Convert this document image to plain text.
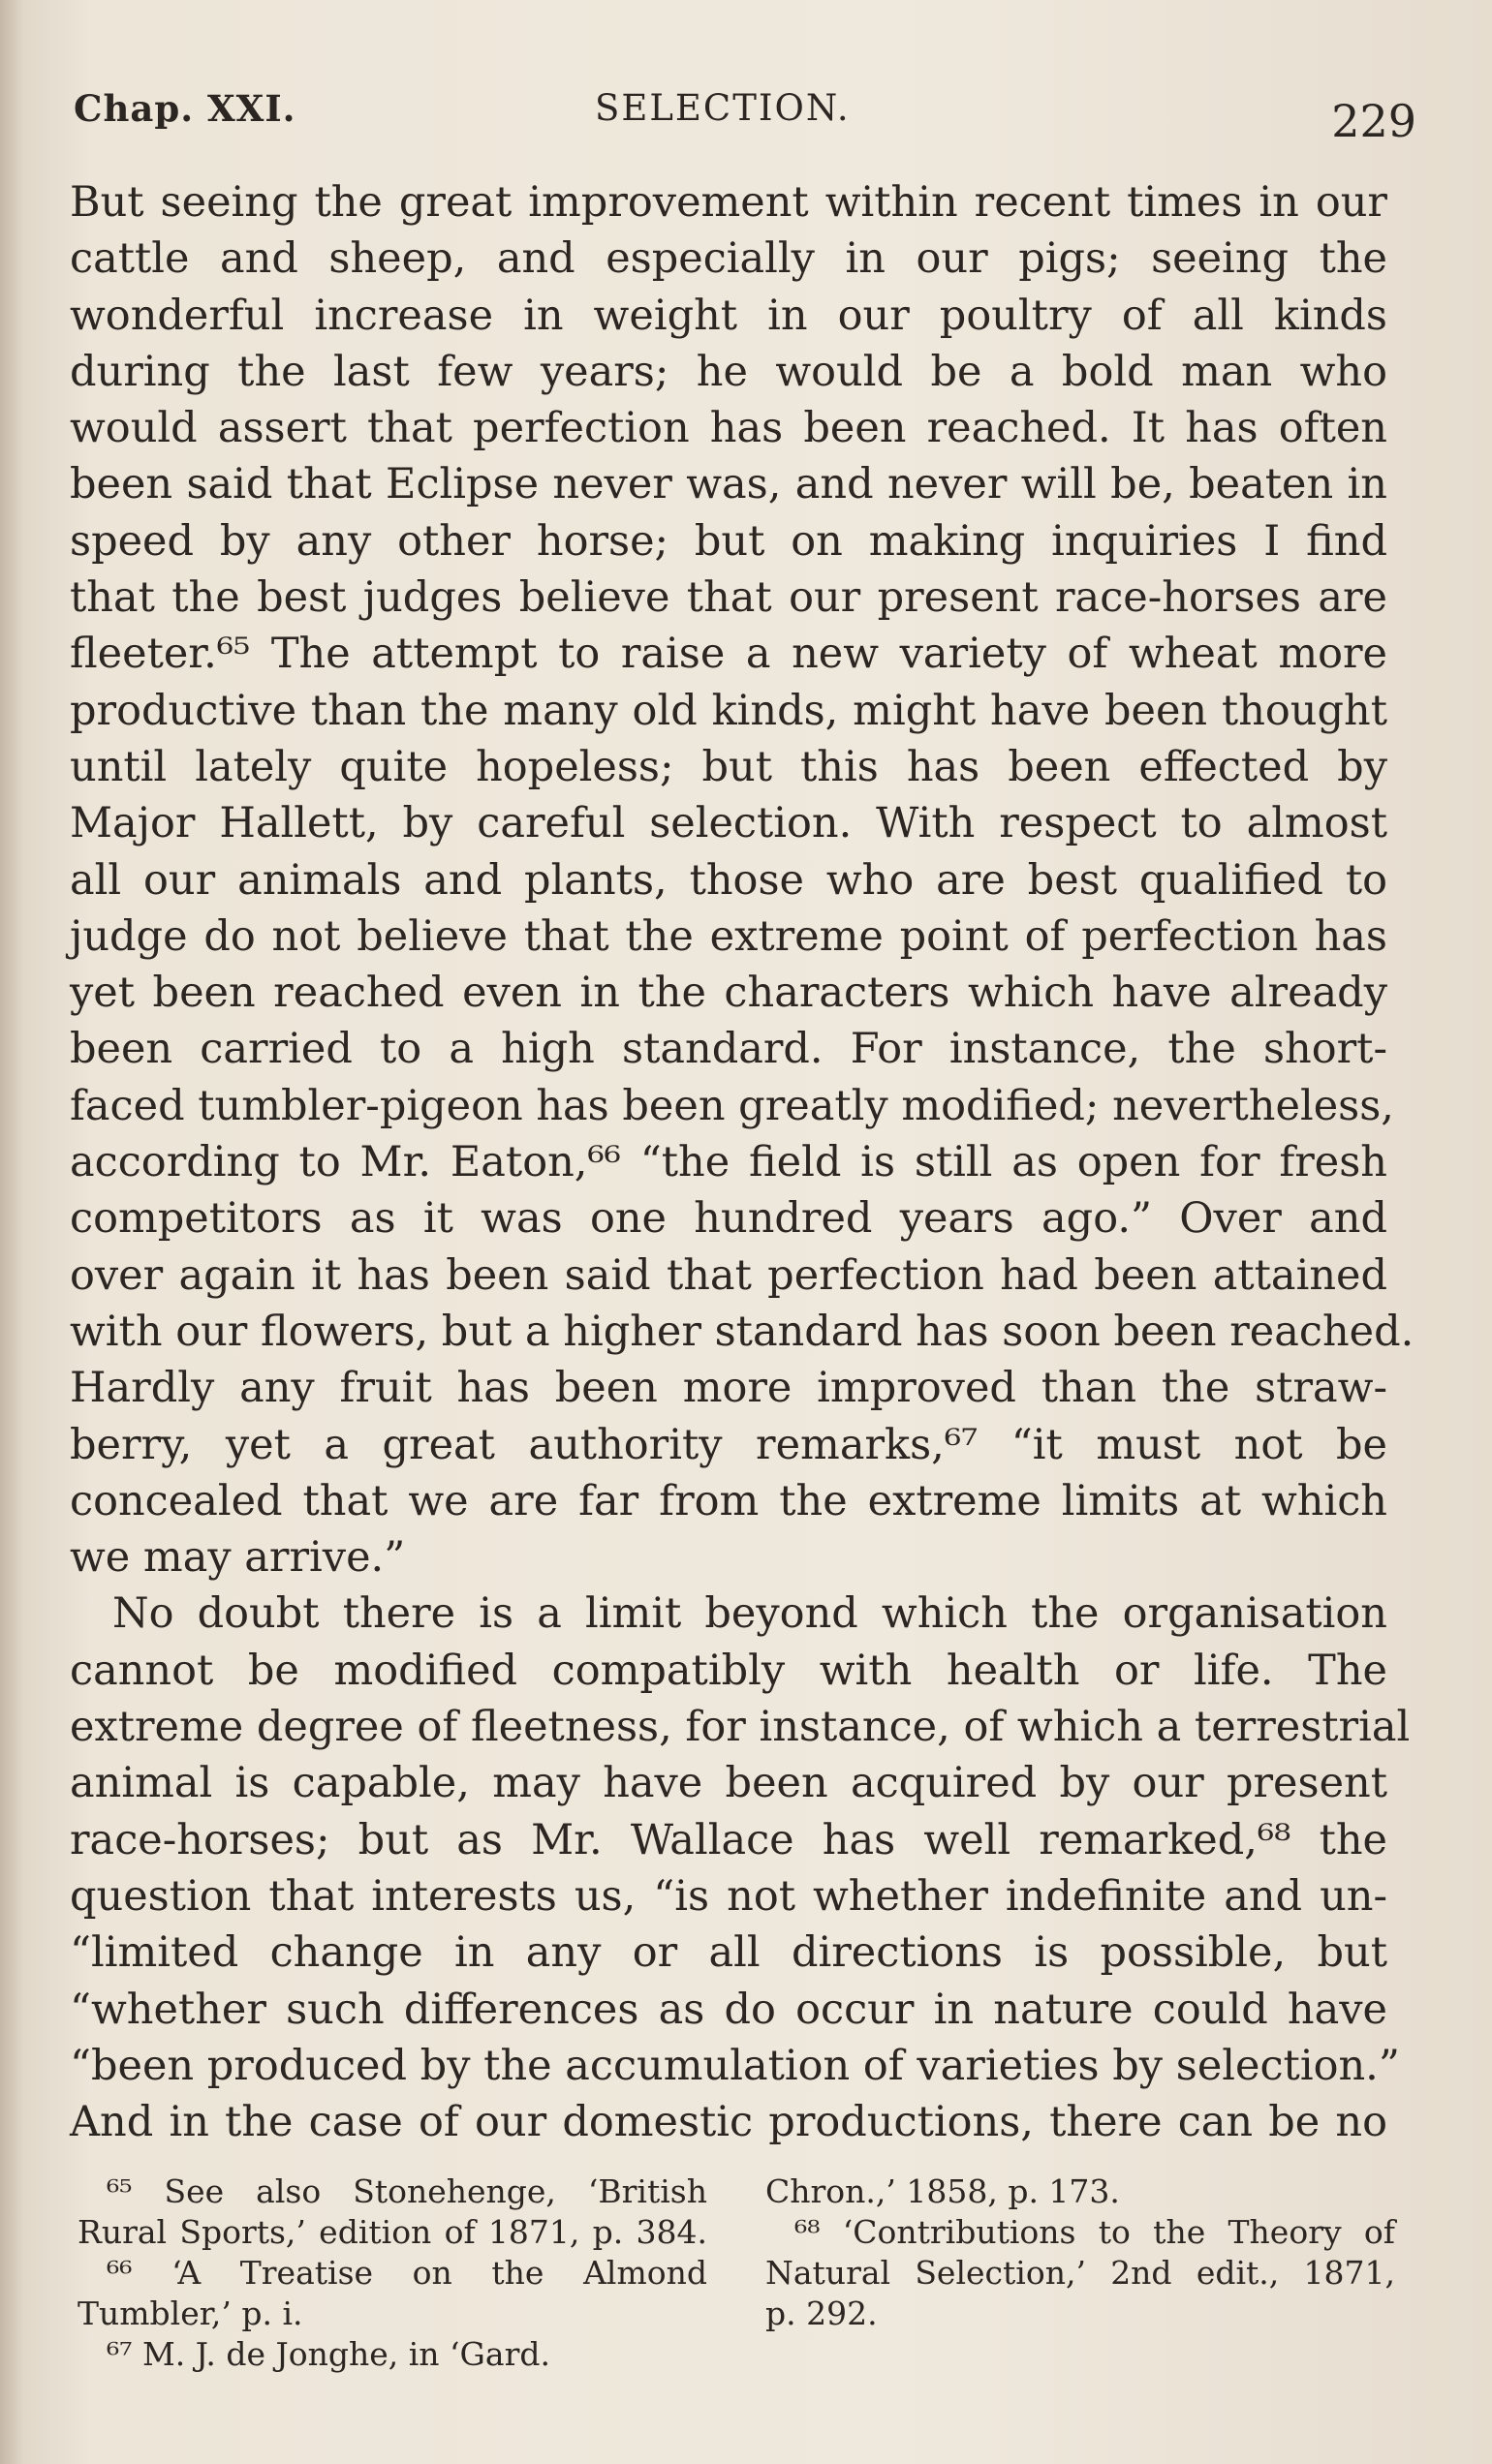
Chap. XXI.	SELECTION.	229
But seeing the great improvement within recent times in our
cattle and sheep, and especially in our pigs; seeing the
wonderful increase in weight in our poultry of all kinds
during the last few years; he would be a bold man who
would assert that perfection has been reached. It has often
been said that Eclipse never was, and never will be, beaten in
speed by any other horse; but on making inquiries I find
that the best judges believe that our present race-horses are
fleeter.⁶⁵ The attempt to raise a new variety of wheat more
productive than the many old kinds, might have been thought
until lately quite hopeless; but this has been effected by
Major Hallett, by careful selection. With respect to almost
all our animals and plants, those who are best qualified to
judge do not believe that the extreme point of perfection has
yet been reached even in the characters which have already
been carried to a high standard. For instance, the short-
faced tumbler-pigeon has been greatly modified; nevertheless,
according to Mr. Eaton,⁶⁶ “the field is still as open for fresh
competitors as it was one hundred years ago.” Over and
over again it has been said that perfection had been attained
with our flowers, but a higher standard has soon been reached.
Hardly any fruit has been more improved than the straw-
berry, yet a great authority remarks,⁶⁷ “it must not be
concealed that we are far from the extreme limits at which
we may arrive.”
No doubt there is a limit beyond which the organisation
cannot be modified compatibly with health or life. The
extreme degree of fleetness, for instance, of which a terrestrial
animal is capable, may have been acquired by our present
race-horses; but as Mr. Wallace has well remarked,⁶⁸ the
question that interests us, “is not whether indefinite and un-
“limited change in any or all directions is possible, but
“whether such differences as do occur in nature could have
“been produced by the accumulation of varieties by selection.”
And in the case of our domestic productions, there can be no
⁶⁵ See also Stonehenge, ‘British
Rural Sports,’ edition of 1871, p. 384.
⁶⁶ ‘A Treatise on the Almond
Tumbler,’ p. i.
⁶⁷ M. J. de Jonghe, in ‘Gard.
Chron.,’ 1858, p. 173.
⁶⁸ ‘Contributions to the Theory of
Natural Selection,’ 2nd edit., 1871,
p. 292.
